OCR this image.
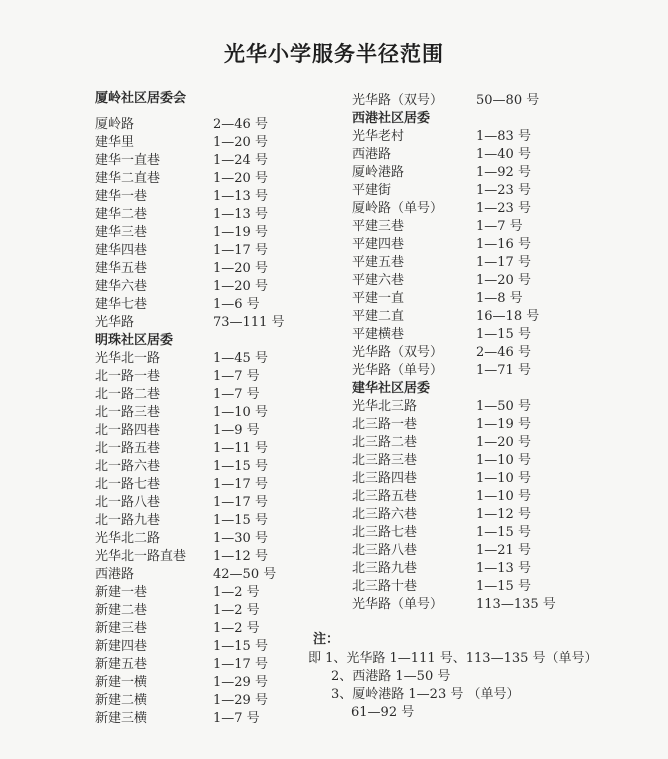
光华小学服务半径范围
厦岭社区居委会
厦岭路	2—46 号
建华里	1—20 号
建华一直巷	1—24 号
建华二直巷	1—20 号
建华一巷	1—13 号
建华二巷	1—13 号
建华三巷	1—19 号
建华四巷	1—17 号
建华五巷	1—20 号
建华六巷	1—20 号
建华七巷	1—6 号
光华路	73—111 号
明珠社区居委
光华北一路	1—45 号
北一路一巷	1—7 号
北一路二巷	1—7 号
北一路三巷	1—10 号
北一路四巷	1—9 号
北一路五巷	1—11 号
北一路六巷	1—15 号
北一路七巷	1—17 号
北一路八巷	1—17 号
北一路九巷	1—15 号
光华北二路	1—30 号
光华北一路直巷 1—12 号
西港路	42—50 号
新建一巷	1—2 号
新建二巷	1—2 号
新建三巷	1—2 号
新建四巷	1—15 号
新建五巷	1—17 号
新建一横	1—29 号
新建二横	1—29 号
新建三横	1—7 号
光华路（双号）	50—80 号
西港社区居委
光华老村	1—83 号
西港路	1—40 号
厦岭港路	1—92 号
平建街	1—23 号
厦岭路（单号）	1—23 号
平建三巷	1—7 号
平建四巷	1—16 号
平建五巷	1—17 号
平建六巷	1—20 号
平建一直	1—8 号
平建二直	16—18 号
平建横巷	1—15 号
光华路（双号）	2—46 号
光华路（单号）	1—71 号
建华社区居委
光华北三路	1—50 号
北三路一巷	1—19 号
北三路二巷	1—20 号
北三路三巷	1—10 号
北三路四巷	1—10 号
北三路五巷	1—10 号
北三路六巷	1—12 号
北三路七巷	1—15 号
北三路八巷	1—21 号
北三路九巷	1—13 号
北三路十巷	1—15 号
光华路（单号）	113—135 号
注：
即 1、光华路 1—111 号、113—135 号（单号）
2、西港路 1—50 号
3、厦岭港路 1—23 号 （单号）
61—92 号
